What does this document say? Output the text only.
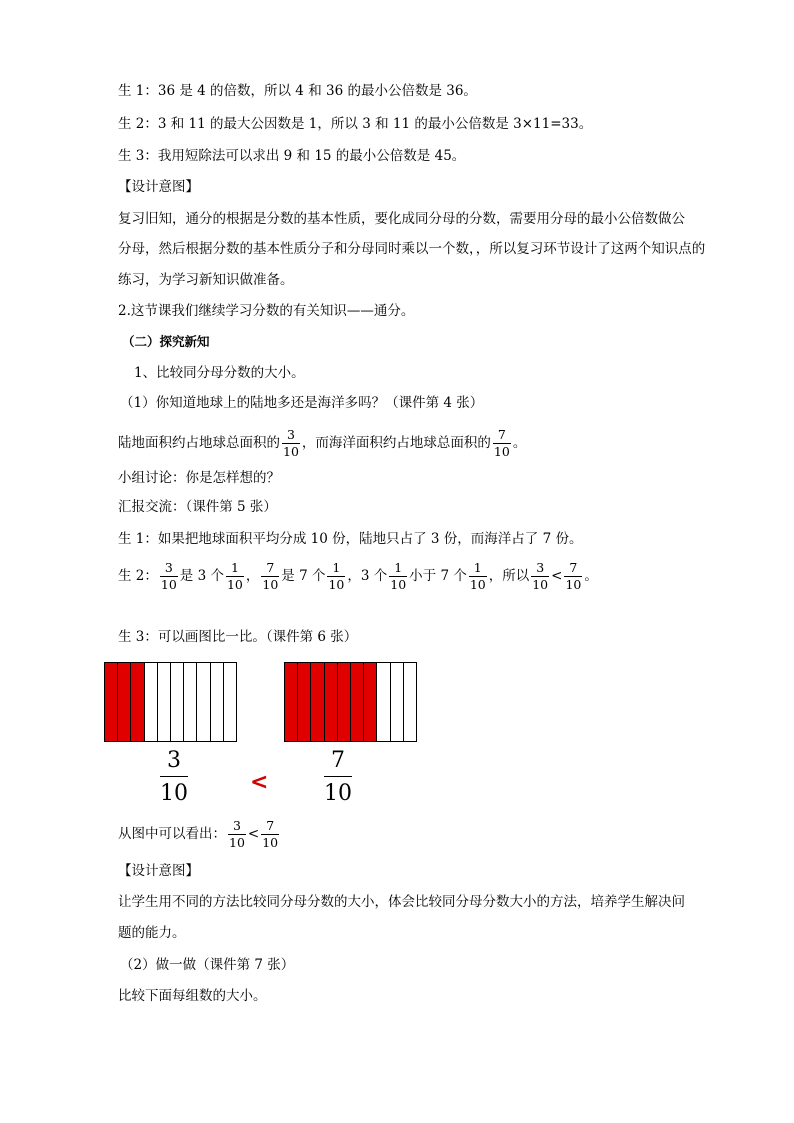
生 1：36 是 4 的倍数，所以 4 和 36 的最小公倍数是 36。
生 2：3 和 11 的最大公因数是 1，所以 3 和 11 的最小公倍数是 3×11=33。
生 3：我用短除法可以求出 9 和 15 的最小公倍数是 45。
【设计意图】
复习旧知，通分的根据是分数的基本性质，要化成同分母的分数，需要用分母的最小公倍数做公
分母，然后根据分数的基本性质分子和分母同时乘以一个数，，所以复习环节设计了这两个知识点的
练习，为学习新知识做准备。
2.这节课我们继续学习分数的有关知识——通分。
（二）探究新知
1、比较同分母分数的大小。
（1）你知道地球上的陆地多还是海洋多吗？（课件第 4 张）
陆地面积约占地球总面积的 $\frac{3}{10}$ ，而海洋面积约占地球总面积的 $\frac{7}{10}$ 。
小组讨论：你是怎样想的？
汇报交流：（课件第 5 张）
生 1：如果把地球面积平均分成 10 份，陆地只占了 3 份，而海洋占了 7 份。
生 2： $\frac{3}{10}$ 是 3 个 $\frac{1}{10}$ ， $\frac{7}{10}$ 是 7 个 $\frac{1}{10}$ ，3 个 $\frac{1}{10}$ 小于 7 个 $\frac{1}{10}$ ，所以 $\frac{3}{10} < \frac{7}{10}$ 。
生 3：可以画图比一比。（课件第 6 张）
3
10	<
7
10
从图中可以看出： $\frac{3}{10} < \frac{7}{10}$
【设计意图】
让学生用不同的方法比较同分母分数的大小，体会比较同分母分数大小的方法，培养学生解决问
题的能力。
（2）做一做（课件第 7 张）
比较下面每组数的大小。
